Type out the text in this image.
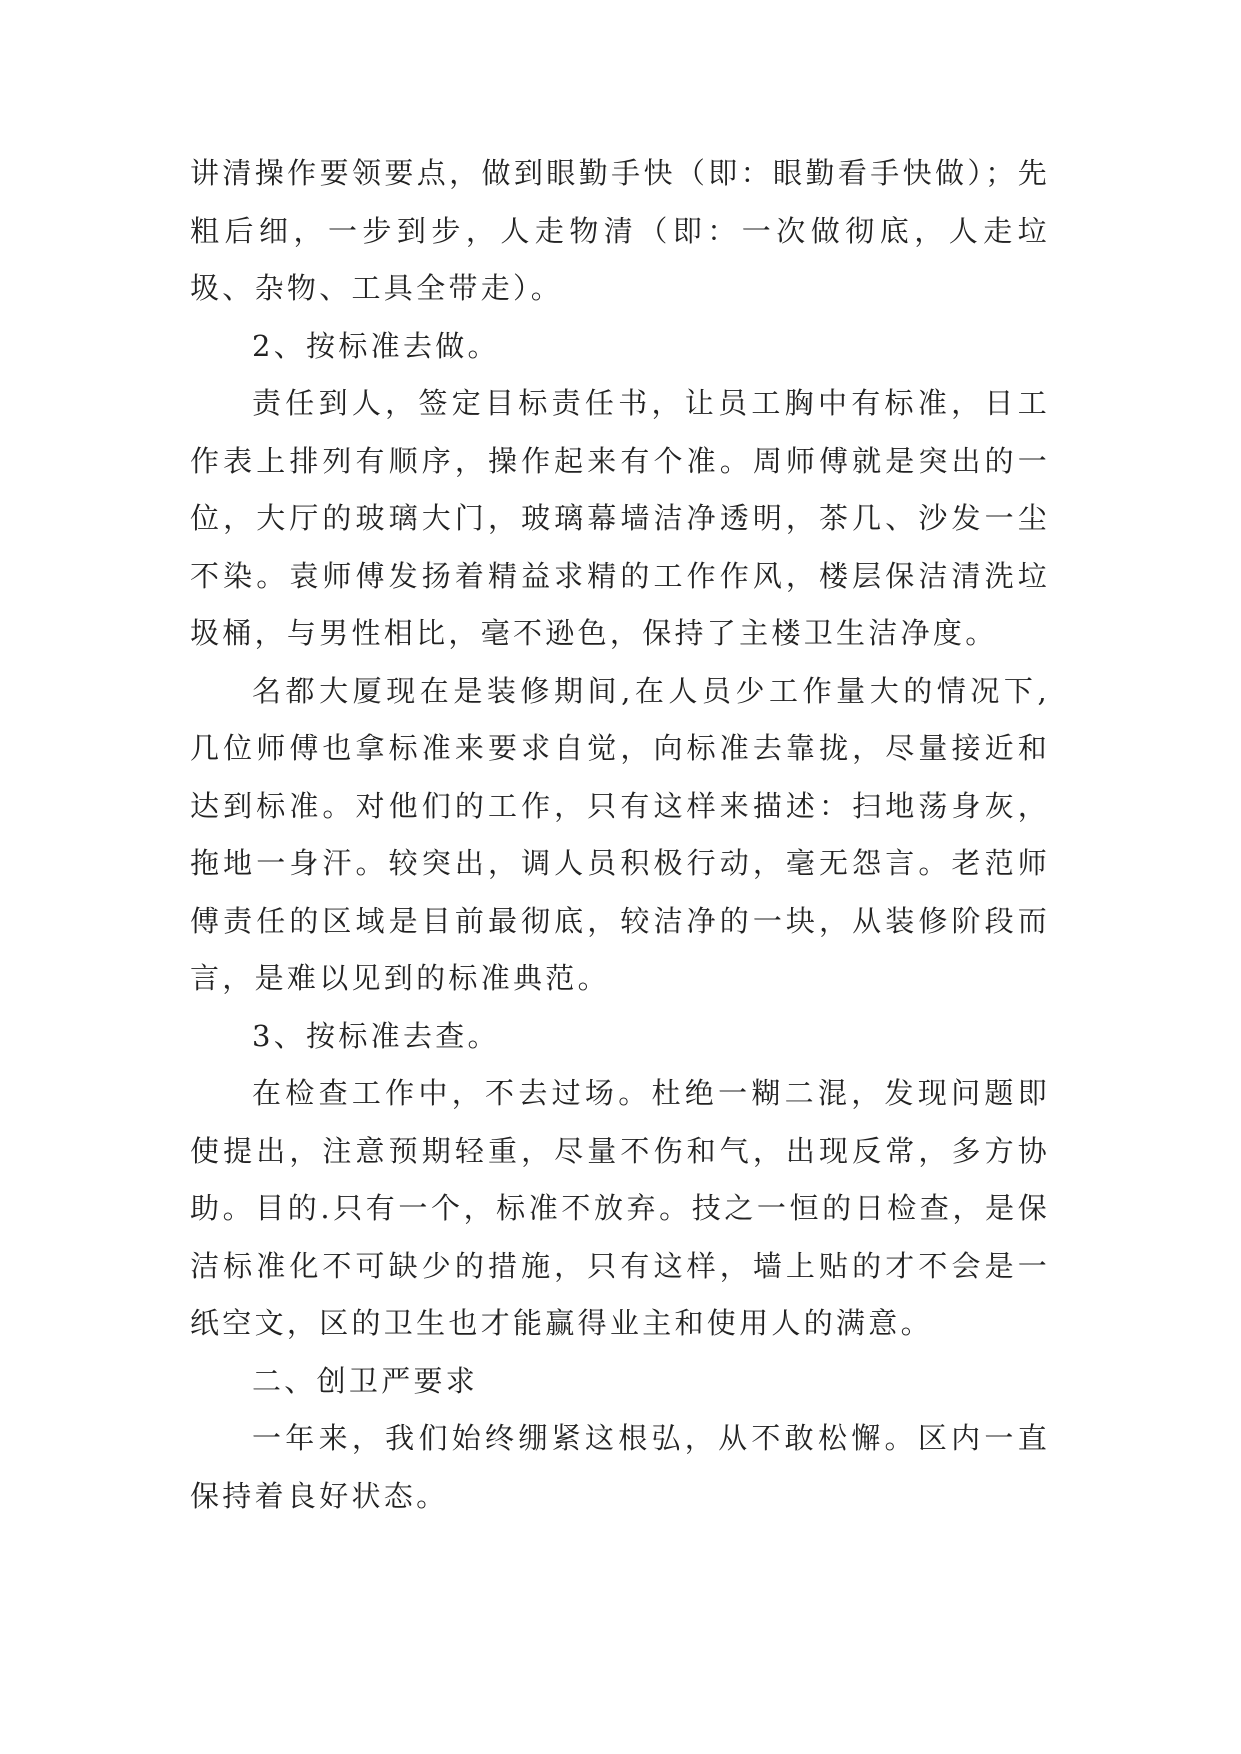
讲清操作要领要点，做到眼勤手快（即：眼勤看手快做）；先粗后细，一步到步，人走物清（即：一次做彻底，人走垃圾、杂物、工具全带走）。

2、按标准去做。

责任到人，签定目标责任书，让员工胸中有标准，日工作表上排列有顺序，操作起来有个准。周师傅就是突出的一位，大厅的玻璃大门，玻璃幕墙洁净透明，茶几、沙发一尘不染。袁师傅发扬着精益求精的工作作风，楼层保洁清洗垃圾桶，与男性相比，毫不逊色，保持了主楼卫生洁净度。

名都大厦现在是装修期间,在人员少工作量大的情况下,几位师傅也拿标准来要求自觉，向标准去靠拢，尽量接近和达到标准。对他们的工作，只有这样来描述：扫地荡身灰，拖地一身汗。较突出，调人员积极行动，毫无怨言。老范师傅责任的区域是目前最彻底，较洁净的一块，从装修阶段而言，是难以见到的标准典范。

3、按标准去查。

在检查工作中，不去过场。杜绝一糊二混，发现问题即使提出，注意预期轻重，尽量不伤和气，出现反常，多方协助。目的.只有一个，标准不放弃。技之一恒的日检查，是保洁标准化不可缺少的措施，只有这样，墙上贴的才不会是一纸空文，区的卫生也才能赢得业主和使用人的满意。

二、创卫严要求

一年来，我们始终绷紧这根弘，从不敢松懈。区内一直保持着良好状态。
